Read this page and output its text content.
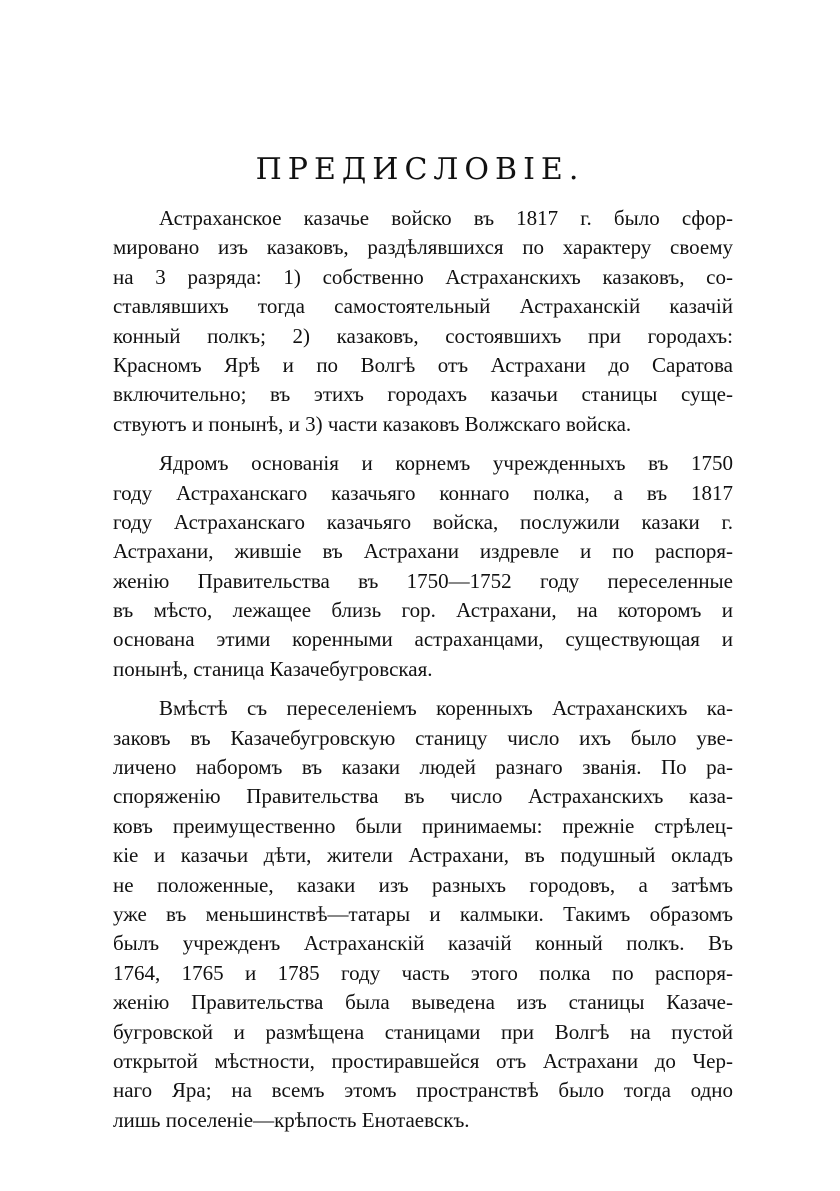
ПРЕДИСЛОВІЕ.
Астраханское казачье войско въ 1817 г. было сфор-
мировано изъ казаковъ, раздѣлявшихся по характеру своему
на 3 разряда: 1) собственно Астраханскихъ казаковъ, со-
ставлявшихъ тогда самостоятельный Астраханскій казачій
конный полкъ; 2) казаковъ, состоявшихъ при городахъ:
Красномъ Ярѣ и по Волгѣ отъ Астрахани до Саратова
включительно; въ этихъ городахъ казачьи станицы суще-
ствуютъ и понынѣ, и 3) части казаковъ Волжскаго войска.
Ядромъ основанія и корнемъ учрежденныхъ въ 1750
году Астраханскаго казачьяго коннаго полка, а въ 1817
году Астраханскаго казачьяго войска, послужили казаки г.
Астрахани, жившіе въ Астрахани издревле и по распоря-
женію Правительства въ 1750—1752 году переселенные
въ мѣсто, лежащее близь гор. Астрахани, на которомъ и
основана этими коренными астраханцами, существующая и
понынѣ, станица Казачебугровская.
Вмѣстѣ съ переселеніемъ коренныхъ Астраханскихъ ка-
заковъ въ Казачебугровскую станицу число ихъ было уве-
личено наборомъ въ казаки людей разнаго званія. По ра-
споряженію Правительства въ число Астраханскихъ каза-
ковъ преимущественно были принимаемы: прежніе стрѣлец-
кіе и казачьи дѣти, жители Астрахани, въ подушный окладъ
не положенные, казаки изъ разныхъ городовъ, а затѣмъ
уже въ меньшинствѣ—татары и калмыки. Такимъ образомъ
былъ учрежденъ Астраханскій казачій конный полкъ. Въ
1764, 1765 и 1785 году часть этого полка по распоря-
женію Правительства была выведена изъ станицы Казаче-
бугровской и размѣщена станицами при Волгѣ на пустой
открытой мѣстности, простиравшейся отъ Астрахани до Чер-
наго Яра; на всемъ этомъ пространствѣ было тогда одно
лишь поселеніе—крѣпость Енотаевскъ.
